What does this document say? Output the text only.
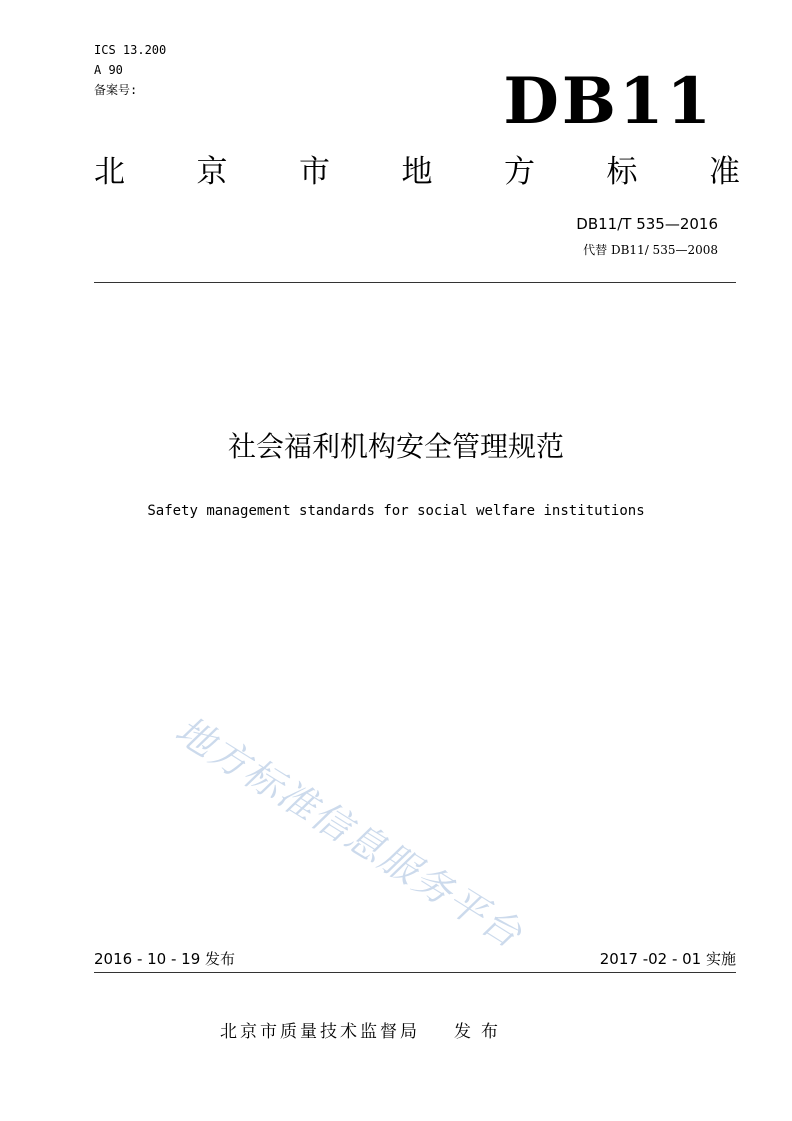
ICS 13.200
A 90
备案号:	DB11
北 京 市 地 方 标 准
DB11/T 535—2016
代替 DB11/ 535—2008
社会福利机构安全管理规范
Safety management standards for social welfare institutions
地方标准信息服务平台
2016 - 10 - 19 发布	2017 -02 - 01 实施
北京市质量技术监督局 发布
